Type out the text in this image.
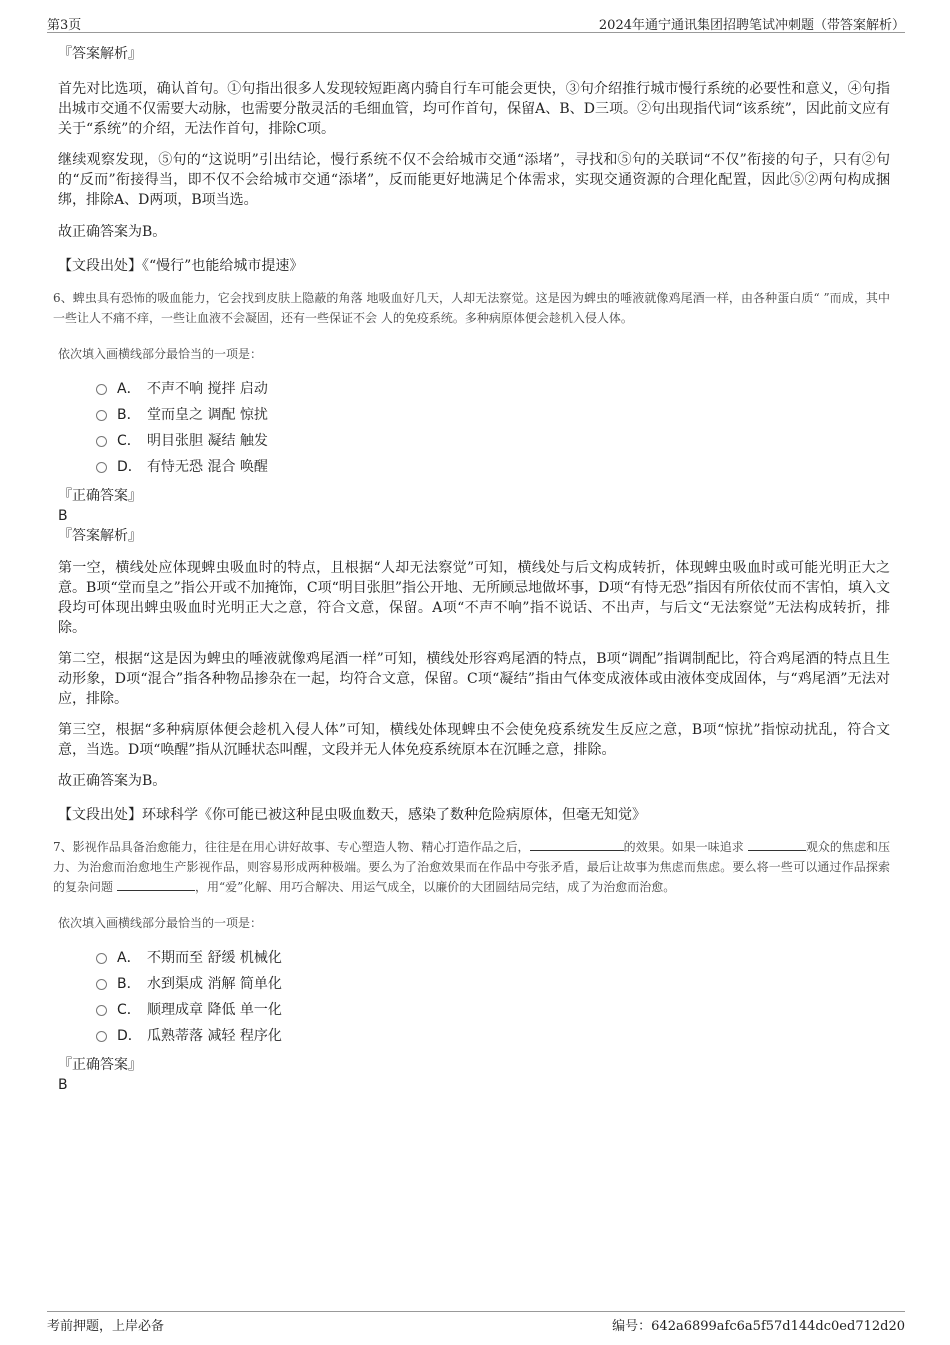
第3页	2024年通宁通讯集团招聘笔试冲刺题（带答案解析）

『答案解析』

首先对比选项，确认首句。①句指出很多人发现较短距离内骑自行车可能会更快，③句介绍推行城市慢行系统的必要性和意义，④句指出城市交通不仅需要大动脉，也需要分散灵活的毛细血管，均可作首句，保留A、B、D三项。②句出现指代词“该系统”，因此前文应有关于“系统”的介绍，无法作首句，排除C项。

继续观察发现，⑤句的“这说明”引出结论，慢行系统不仅不会给城市交通“添堵”，寻找和⑤句的关联词“不仅”衔接的句子，只有②句的“反而”衔接得当，即不仅不会给城市交通“添堵”，反而能更好地满足个体需求，实现交通资源的合理化配置，因此⑤②两句构成捆绑，排除A、D两项，B项当选。

故正确答案为B。

【文段出处】《“慢行”也能给城市提速》

6、蜱虫具有恐怖的吸血能力，它会找到皮肤上隐蔽的角落 地吸血好几天，人却无法察觉。这是因为蜱虫的唾液就像鸡尾酒一样，由各种蛋白质“ ”而成，其中一些让人不痛不痒，一些让血液不会凝固，还有一些保证不会 人的免疫系统。多种病原体便会趁机入侵人体。

依次填入画横线部分最恰当的一项是：

A． 不声不响 搅拌 启动
B． 堂而皇之 调配 惊扰
C． 明目张胆 凝结 触发
D． 有恃无恐 混合 唤醒

『正确答案』

B

『答案解析』

第一空，横线处应体现蜱虫吸血时的特点，且根据“人却无法察觉”可知，横线处与后文构成转折，体现蜱虫吸血时或可能光明正大之意。B项“堂而皇之”指公开或不加掩饰，C项“明目张胆”指公开地、无所顾忌地做坏事，D项“有恃无恐”指因有所依仗而不害怕，填入文段均可体现出蜱虫吸血时光明正大之意，符合文意，保留。A项“不声不响”指不说话、不出声，与后文“无法察觉”无法构成转折，排除。

第二空，根据“这是因为蜱虫的唾液就像鸡尾酒一样”可知，横线处形容鸡尾酒的特点，B项“调配”指调制配比，符合鸡尾酒的特点且生动形象，D项“混合”指各种物品掺杂在一起，均符合文意，保留。C项“凝结”指由气体变成液体或由液体变成固体，与“鸡尾酒”无法对应，排除。

第三空，根据“多种病原体便会趁机入侵人体”可知，横线处体现蜱虫不会使免疫系统发生反应之意，B项“惊扰”指惊动扰乱，符合文意，当选。D项“唤醒”指从沉睡状态叫醒，文段并无人体免疫系统原本在沉睡之意，排除。

故正确答案为B。

【文段出处】环球科学《你可能已被这种昆虫吸血数天，感染了数种危险病原体，但毫无知觉》

7、影视作品具备治愈能力，往往是在用心讲好故事、专心塑造人物、精心打造作品之后，	的效果。如果一味追求	观众的焦虑和压力、为治愈而治愈地生产影视作品，则容易形成两种极端。要么为了治愈效果而在作品中夸张矛盾，最后让故事为焦虑而焦虑。要么将一些可以通过作品探索的复杂问题	，用“爱”化解、用巧合解决、用运气成全，以廉价的大团圆结局完结，成了为治愈而治愈。

依次填入画横线部分最恰当的一项是：

A． 不期而至 舒缓 机械化
B． 水到渠成 消解 简单化
C． 顺理成章 降低 单一化
D． 瓜熟蒂落 减轻 程序化

『正确答案』

B

考前押题，上岸必备	编号：642a6899afc6a5f57d144dc0ed712d20
